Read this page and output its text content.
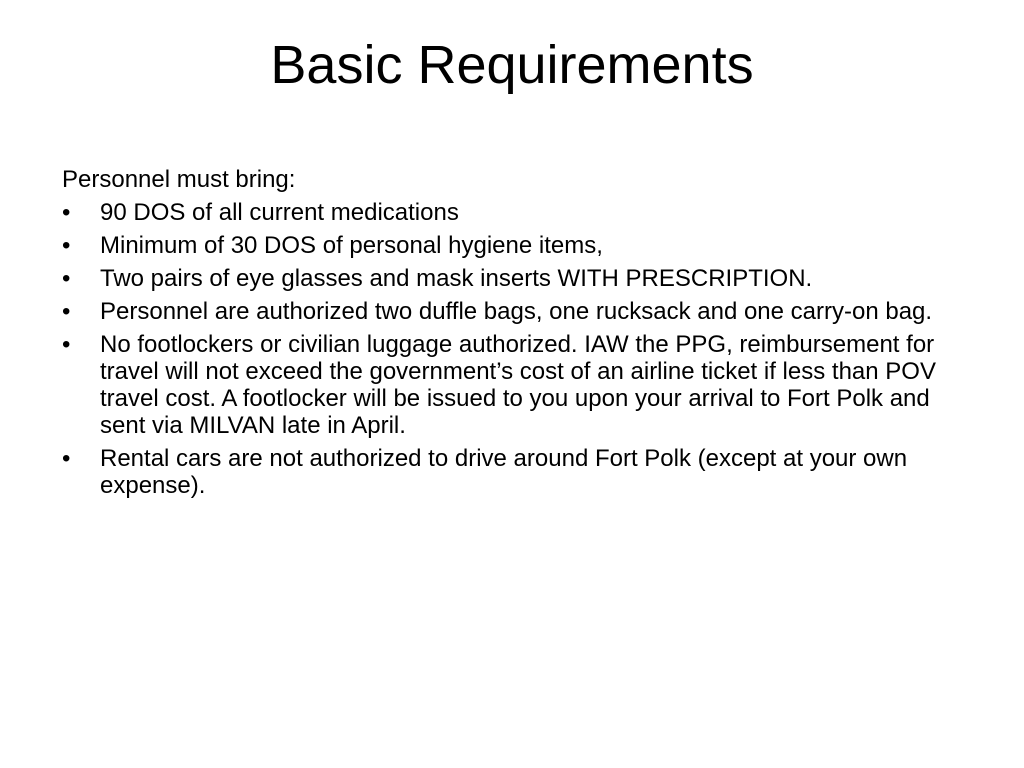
Basic Requirements

Personnel must bring:

•	90 DOS of all current medications
•	Minimum of 30 DOS of personal hygiene items,
•	Two pairs of eye glasses and mask inserts WITH PRESCRIPTION.
•	Personnel are authorized two duffle bags, one rucksack and one carry-on bag.
•	No footlockers or civilian luggage authorized. IAW the PPG, reimbursement for travel will not exceed the government’s cost of an airline ticket if less than POV travel cost. A footlocker will be issued to you upon your arrival to Fort Polk and sent via MILVAN late in April.
•	Rental cars are not authorized to drive around Fort Polk (except at your own expense).
